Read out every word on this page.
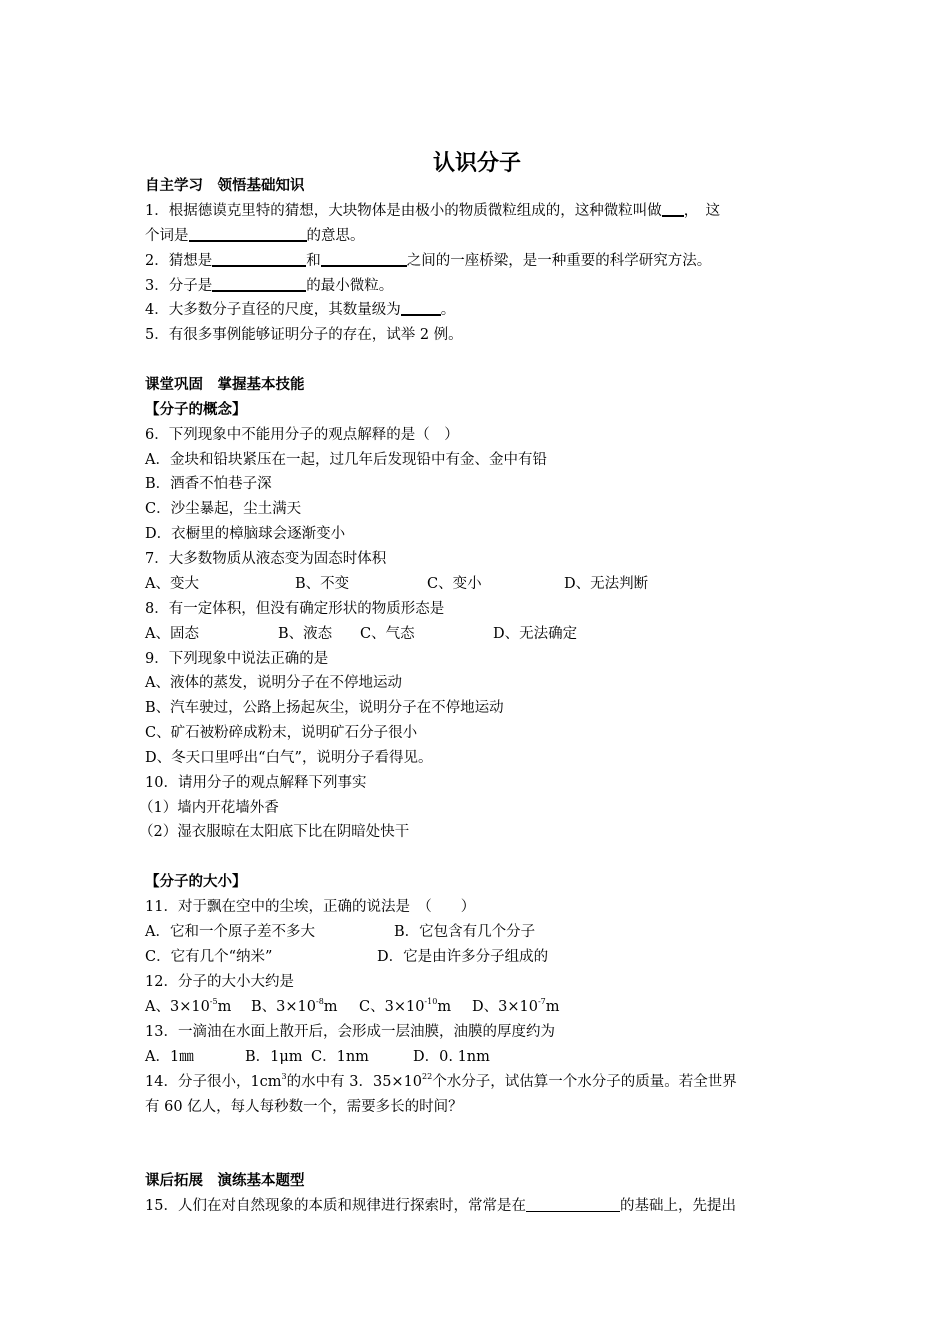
认识分子
自主学习　领悟基础知识
1．根据德谟克里特的猜想，大块物体是由极小的物质微粒组成的，这种微粒叫做 ，　这
个词是	的意思。
2．猜想是	和	之间的一座桥梁，是一种重要的科学研究方法。
3．分子是	的最小微粒。
4．大多数分子直径的尺度，其数量级为	。
5．有很多事例能够证明分子的存在，试举 2 例。
课堂巩固　掌握基本技能
【分子的概念】
6．下列现象中不能用分子的观点解释的是（　）
A．金块和铅块紧压在一起，过几年后发现铅中有金、金中有铅
B．酒香不怕巷子深
C．沙尘暴起，尘土满天
D．衣橱里的樟脑球会逐渐变小
7．大多数物质从液态变为固态时体积
A、变大	B、不变	C、变小	D、无法判断
8．有一定体积，但没有确定形状的物质形态是
A、固态	B、液态 C、气态	D、无法确定
9．下列现象中说法正确的是
A、液体的蒸发，说明分子在不停地运动
B、汽车驶过，公路上扬起灰尘，说明分子在不停地运动
C、矿石被粉碎成粉末，说明矿石分子很小
D、冬天口里呼出“白气”，说明分子看得见。
10．请用分子的观点解释下列事实
（1）墙内开花墙外香
（2）湿衣服晾在太阳底下比在阴暗处快干
【分子的大小】
11．对于飘在空中的尘埃，正确的说法是　（　　）
A．它和一个原子差不多大	B．它包含有几个分子
C．它有几个“纳米”	D．它是由许多分子组成的
12．分子的大小大约是
A、$3\times 10^{-5}m$ B、$3\times 10^{-8}m$ C、$3\times 10^{-10}m$ D、$3\times 10^{-7}m$
13．一滴油在水面上散开后，会形成一层油膜，油膜的厚度约为
A．1㎜	B．1μm C．1nm	D．0. 1nm
14．分子很小，$1cm^3$的水中有 3．$35\times 10^{22}$个水分子，试估算一个水分子的质量。若全世界
有 60 亿人，每人每秒数一个，需要多长的时间？
课后拓展　演练基本题型
15．人们在对自然现象的本质和规律进行探索时，常常是在	的基础上，先提出
